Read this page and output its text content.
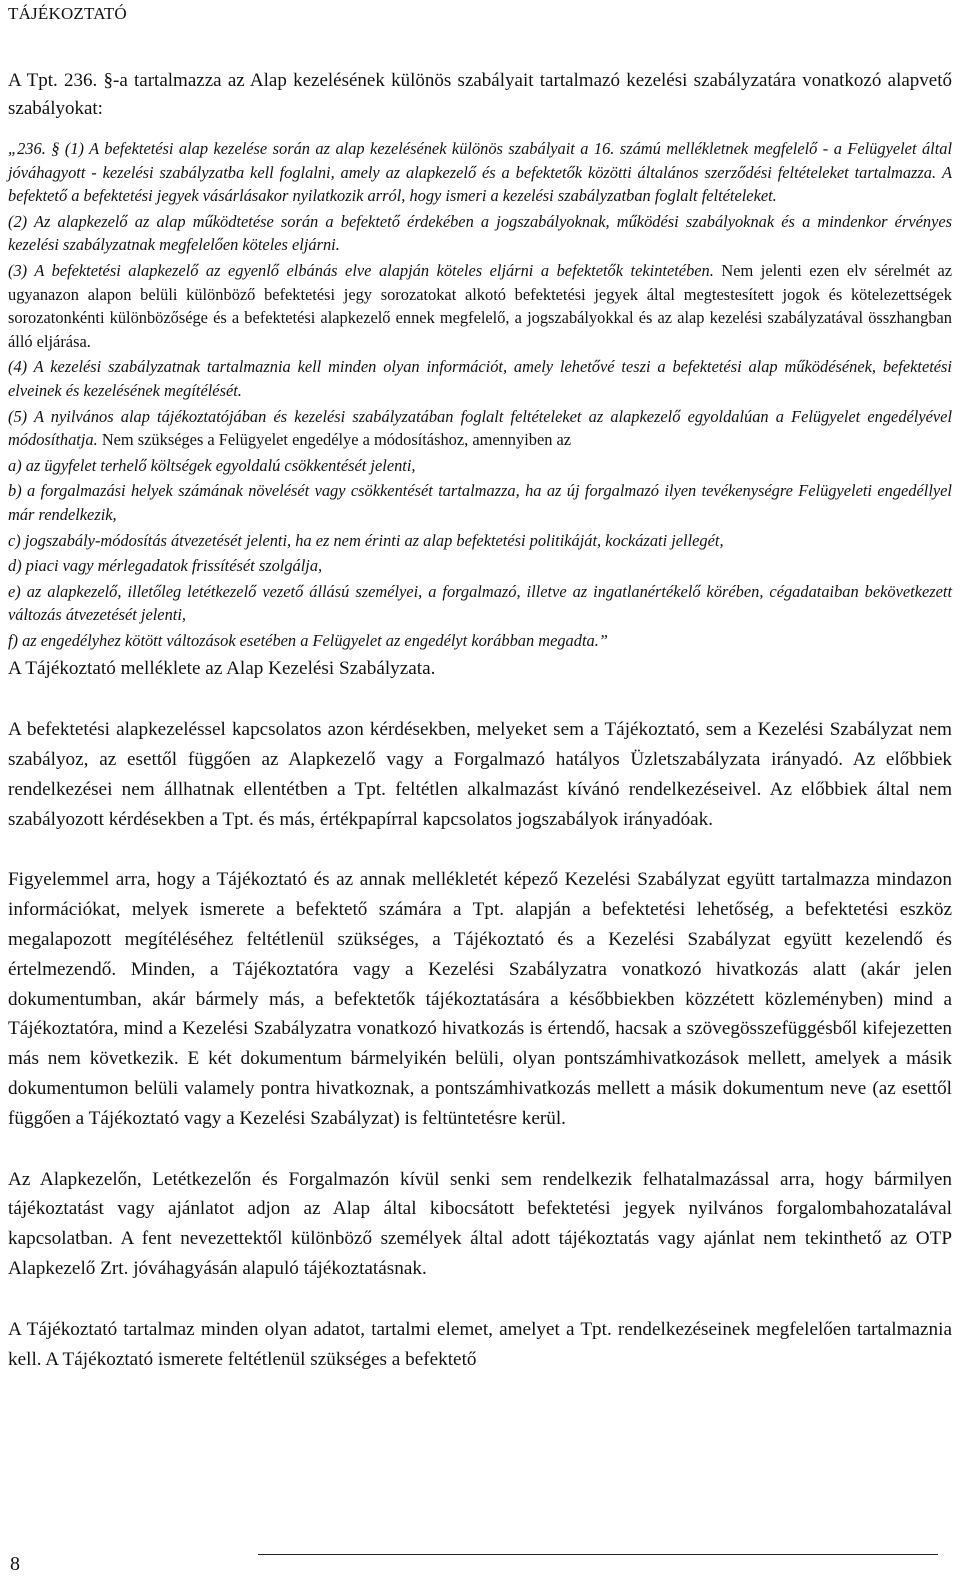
TÁJÉKOZTATÓ
A Tpt. 236. §-a tartalmazza az Alap kezelésének különös szabályait tartalmazó kezelési szabályzatára vonatkozó alapvető szabályokat:

„236. § (1) A befektetési alap kezelése során az alap kezelésének különös szabályait a 16. számú mellékletnek megfelelő - a Felügyelet által jóváhagyott - kezelési szabályzatba kell foglalni, amely az alapkezelő és a befektetők közötti általános szerződési feltételeket tartalmazza. A befektető a befektetési jegyek vásárlásakor nyilatkozik arról, hogy ismeri a kezelési szabályzatban foglalt feltételeket.

(2) Az alapkezelő az alap működtetése során a befektető érdekében a jogszabályoknak, működési szabályoknak és a mindenkor érvényes kezelési szabályzatnak megfelelően köteles eljárni.

(3) A befektetési alapkezelő az egyenlő elbánás elve alapján köteles eljárni a befektetők tekintetében. Nem jelenti ezen elv sérelmét az ugyanazon alapon belüli különböző befektetési jegy sorozatokat alkotó befektetési jegyek által megtestesített jogok és kötelezettségek sorozatonkénti különbözősége és a befektetési alapkezelő ennek megfelelő, a jogszabályokkal és az alap kezelési szabályzatával összhangban álló eljárása.

(4) A kezelési szabályzatnak tartalmaznia kell minden olyan információt, amely lehetővé teszi a befektetési alap működésének, befektetési elveinek és kezelésének megítélését.

(5) A nyilvános alap tájékoztatójában és kezelési szabályzatában foglalt feltételeket az alapkezelő egyoldalúan a Felügyelet engedélyével módosíthatja. Nem szükséges a Felügyelet engedélye a módosításhoz, amennyiben az

a) az ügyfelet terhelő költségek egyoldalú csökkentését jelenti,

b) a forgalmazási helyek számának növelését vagy csökkentését tartalmazza, ha az új forgalmazó ilyen tevékenységre Felügyeleti engedéllyel már rendelkezik,

c) jogszabály-módosítás átvezetését jelenti, ha ez nem érinti az alap befektetési politikáját, kockázati jellegét,

d) piaci vagy mérlegadatok frissítését szolgálja,

e) az alapkezelő, illetőleg letétkezelő vezető állású személyei, a forgalmazó, illetve az ingatlanértékelő körében, cégadataiban bekövetkezett változás átvezetését jelenti,

f) az engedélyhez kötött változások esetében a Felügyelet az engedélyt korábban megadta.”

A Tájékoztató melléklete az Alap Kezelési Szabályzata.

A befektetési alapkezeléssel kapcsolatos azon kérdésekben, melyeket sem a Tájékoztató, sem a Kezelési Szabályzat nem szabályoz, az esettől függően az Alapkezelő vagy a Forgalmazó hatályos Üzletszabályzata irányadó. Az előbbiek rendelkezései nem állhatnak ellentétben a Tpt. feltétlen alkalmazást kívánó rendelkezéseivel. Az előbbiek által nem szabályozott kérdésekben a Tpt. és más, értékpapírral kapcsolatos jogszabályok irányadóak.

Figyelemmel arra, hogy a Tájékoztató és az annak mellékletét képező Kezelési Szabályzat együtt tartalmazza mindazon információkat, melyek ismerete a befektető számára a Tpt. alapján a befektetési lehetőség, a befektetési eszköz megalapozott megítéléséhez feltétlenül szükséges, a Tájékoztató és a Kezelési Szabályzat együtt kezelendő és értelmezendő. Minden, a Tájékoztatóra vagy a Kezelési Szabályzatra vonatkozó hivatkozás alatt (akár jelen dokumentumban, akár bármely más, a befektetők tájékoztatására a későbbiekben közzétett közleményben) mind a Tájékoztatóra, mind a Kezelési Szabályzatra vonatkozó hivatkozás is értendő, hacsak a szövegösszefüggésből kifejezetten más nem következik. E két dokumentum bármelyikén belüli, olyan pontszámhivatkozások mellett, amelyek a másik dokumentumon belüli valamely pontra hivatkoznak, a pontszámhivatkozás mellett a másik dokumentum neve (az esettől függően a Tájékoztató vagy a Kezelési Szabályzat) is feltüntetésre kerül.

Az Alapkezelőn, Letétkezelőn és Forgalmazón kívül senki sem rendelkezik felhatalmazással arra, hogy bármilyen tájékoztatást vagy ajánlatot adjon az Alap által kibocsátott befektetési jegyek nyilvános forgalombahozatalával kapcsolatban. A fent nevezettektől különböző személyek által adott tájékoztatás vagy ajánlat nem tekinthető az OTP Alapkezelő Zrt. jóváhagyásán alapuló tájékoztatásnak.

A Tájékoztató tartalmaz minden olyan adatot, tartalmi elemet, amelyet a Tpt. rendelkezéseinek megfelelően tartalmaznia kell. A Tájékoztató ismerete feltétlenül szükséges a befektető

8
